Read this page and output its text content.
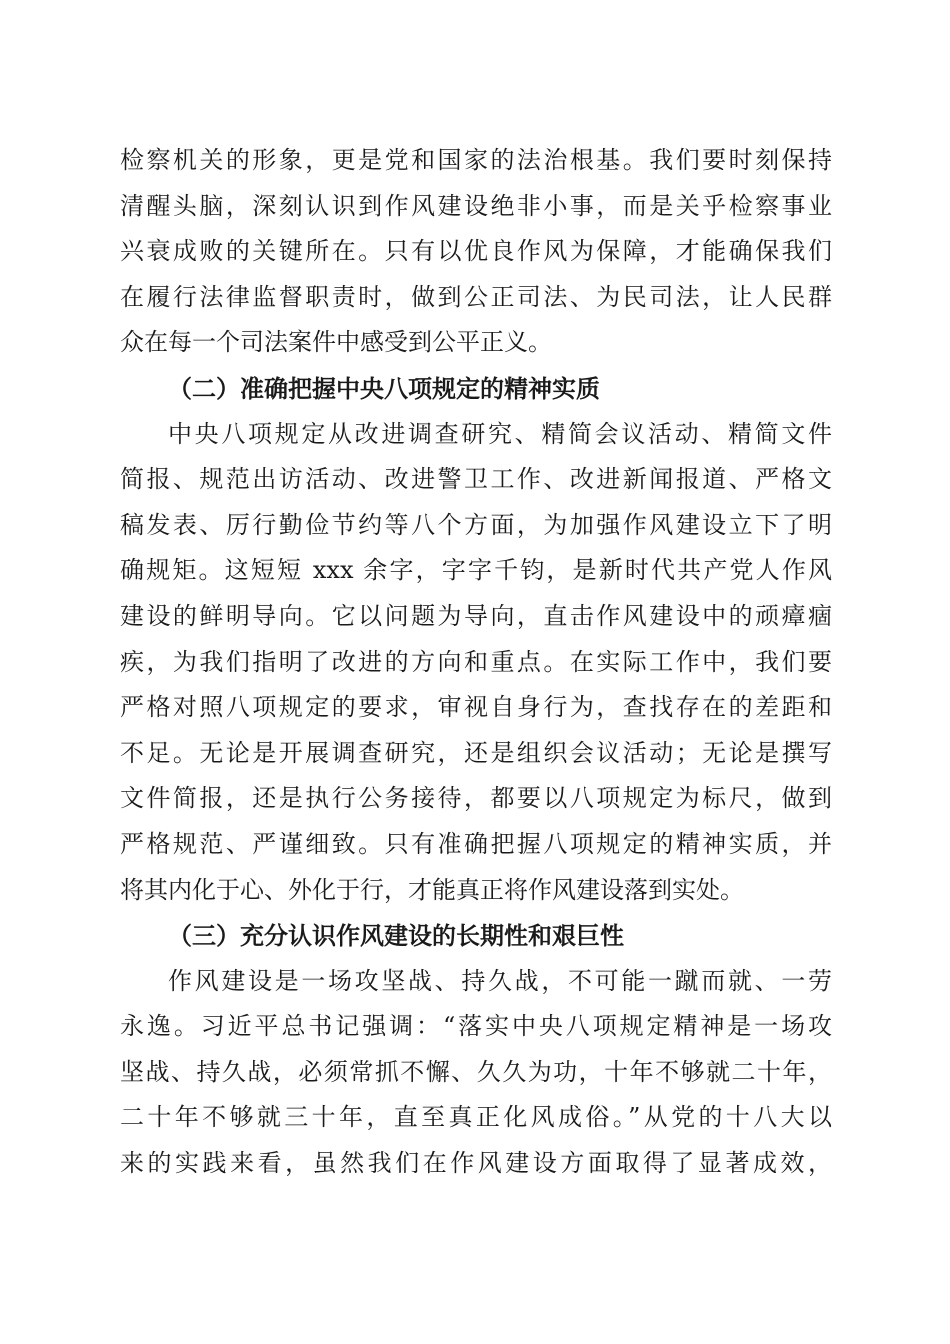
检察机关的形象，更是党和国家的法治根基。我们要时刻保持
清醒头脑，深刻认识到作风建设绝非小事，而是关乎检察事业
兴衰成败的关键所在。只有以优良作风为保障，才能确保我们
在履行法律监督职责时，做到公正司法、为民司法，让人民群
众在每一个司法案件中感受到公平正义。
（二）准确把握中央八项规定的精神实质
中央八项规定从改进调查研究、精简会议活动、精简文件
简报、规范出访活动、改进警卫工作、改进新闻报道、严格文
稿发表、厉行勤俭节约等八个方面，为加强作风建设立下了明
确规矩。这短短 xxx 余字，字字千钧，是新时代共产党人作风
建设的鲜明导向。它以问题为导向，直击作风建设中的顽瘴痼
疾，为我们指明了改进的方向和重点。在实际工作中，我们要
严格对照八项规定的要求，审视自身行为，查找存在的差距和
不足。无论是开展调查研究，还是组织会议活动；无论是撰写
文件简报，还是执行公务接待，都要以八项规定为标尺，做到
严格规范、严谨细致。只有准确把握八项规定的精神实质，并
将其内化于心、外化于行，才能真正将作风建设落到实处。
（三）充分认识作风建设的长期性和艰巨性
作风建设是一场攻坚战、持久战，不可能一蹴而就、一劳
永逸。习近平总书记强调：“落实中央八项规定精神是一场攻
坚战、持久战，必须常抓不懈、久久为功，十年不够就二十年，
二十年不够就三十年，直至真正化风成俗。”从党的十八大以
来的实践来看，虽然我们在作风建设方面取得了显著成效，
